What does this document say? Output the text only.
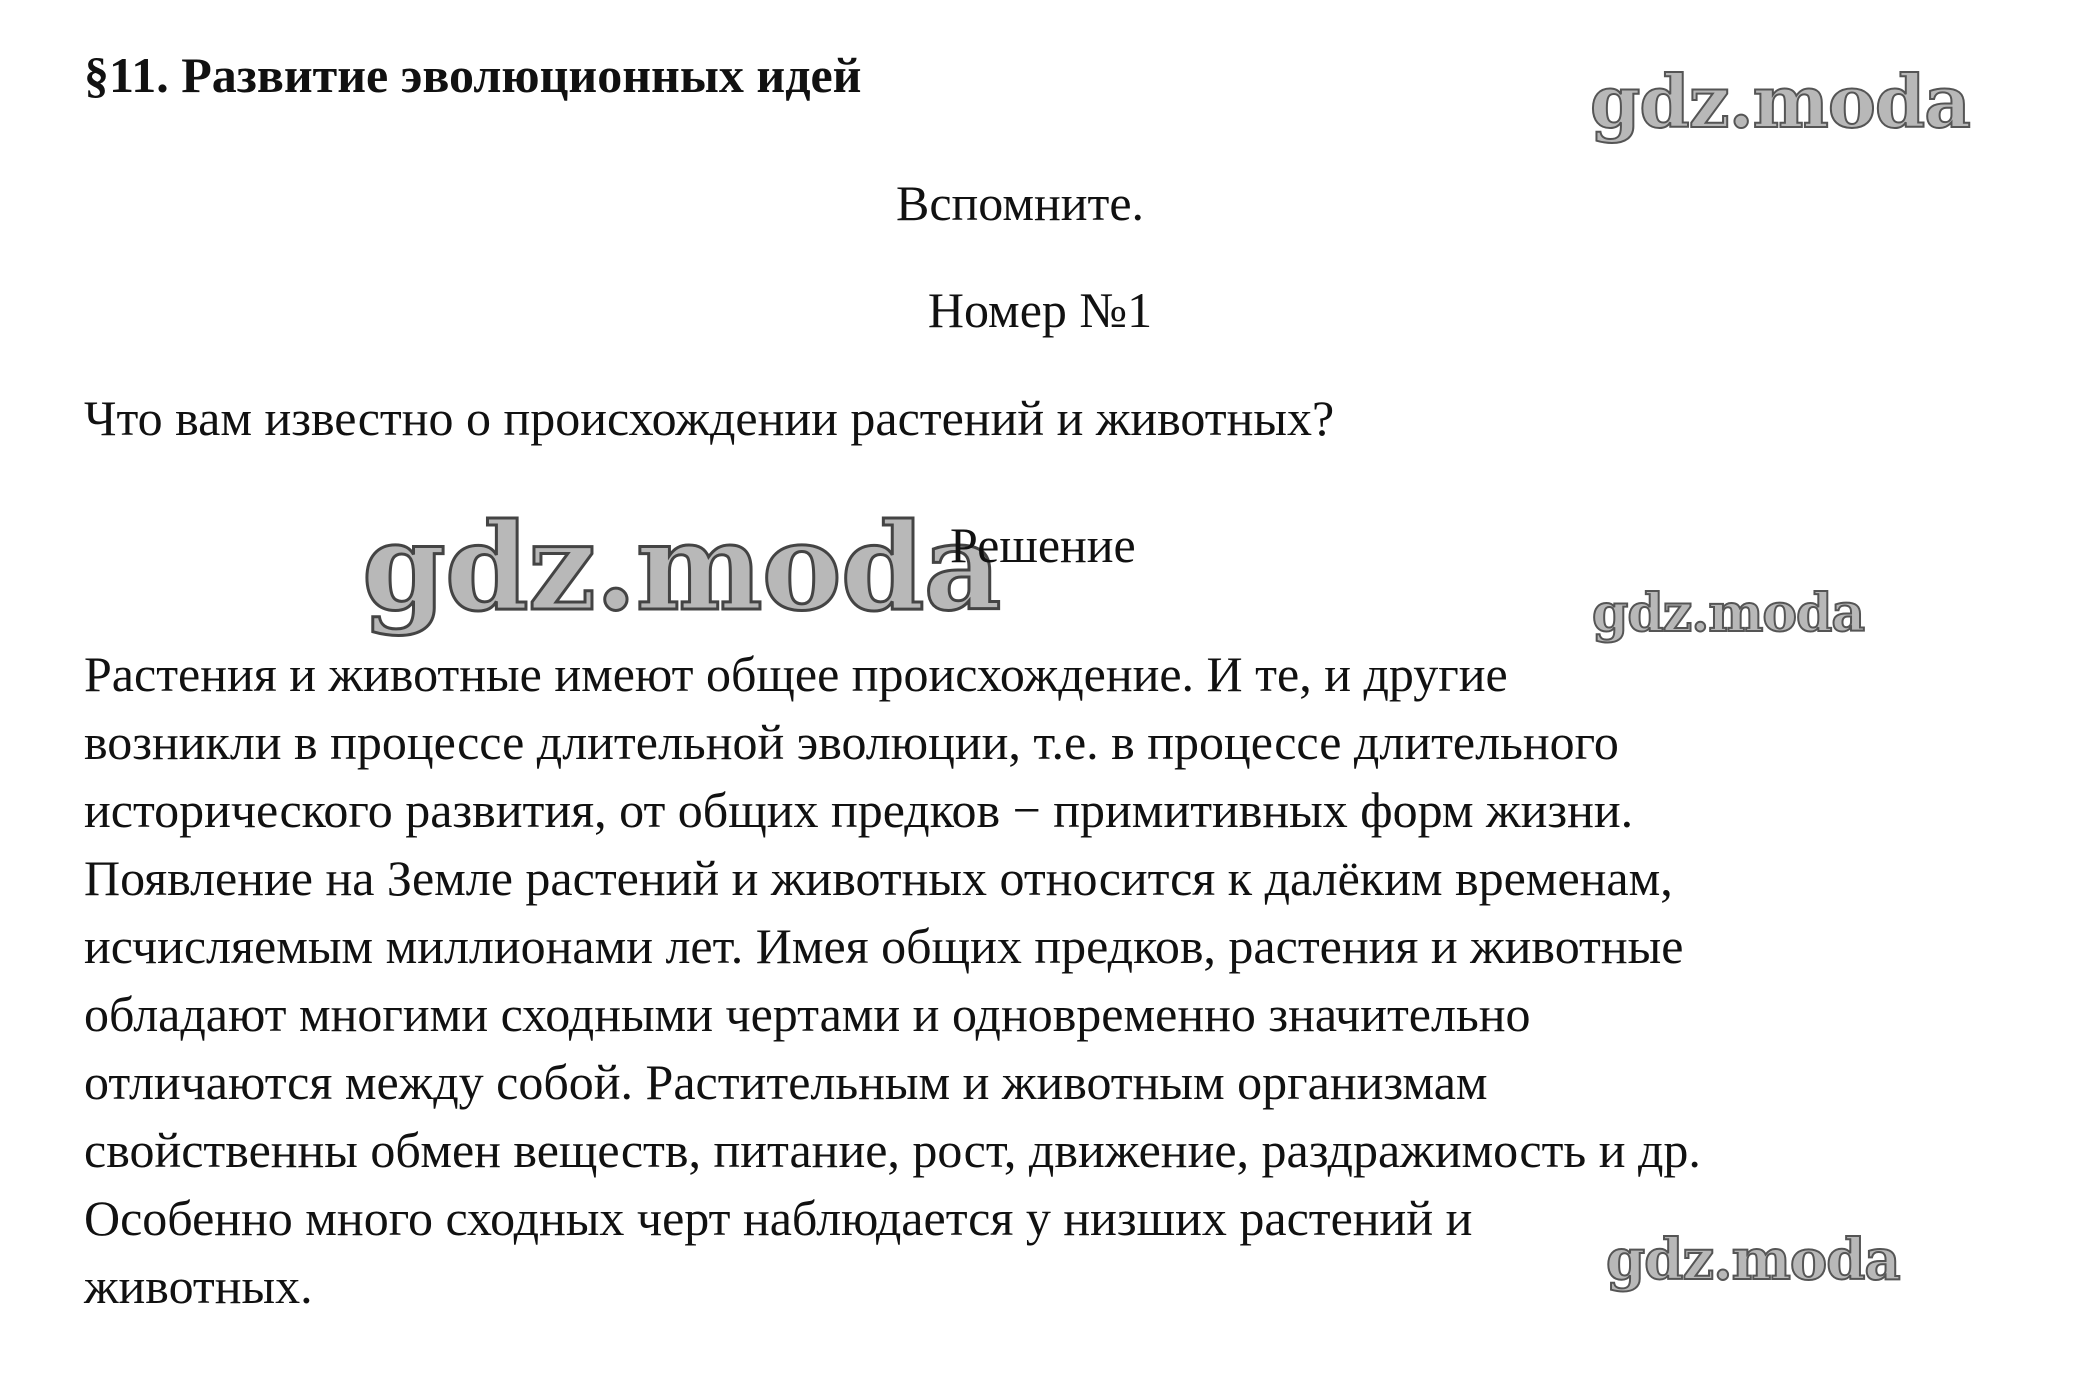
§11. Развитие эволюционных идей	gdz.moda
Вспомните.
Номер №1
Что вам известно о происхождении растений и животных?
gdz.moda
Решение
gdz.moda
Растения и животные имеют общее происхождение. И те, и другие
возникли в процессе длительной эволюции, т.е. в процессе длительного
исторического развития, от общих предков − примитивных форм жизни.
Появление на Земле растений и животных относится к далёким временам,
исчисляемым миллионами лет. Имея общих предков, растения и животные
обладают многими сходными чертами и одновременно значительно
отличаются между собой. Растительным и животным организмам
свойственны обмен веществ, питание, рост, движение, раздражимость и др.
Особенно много сходных черт наблюдается у низших растений и
животных.	gdz.moda
